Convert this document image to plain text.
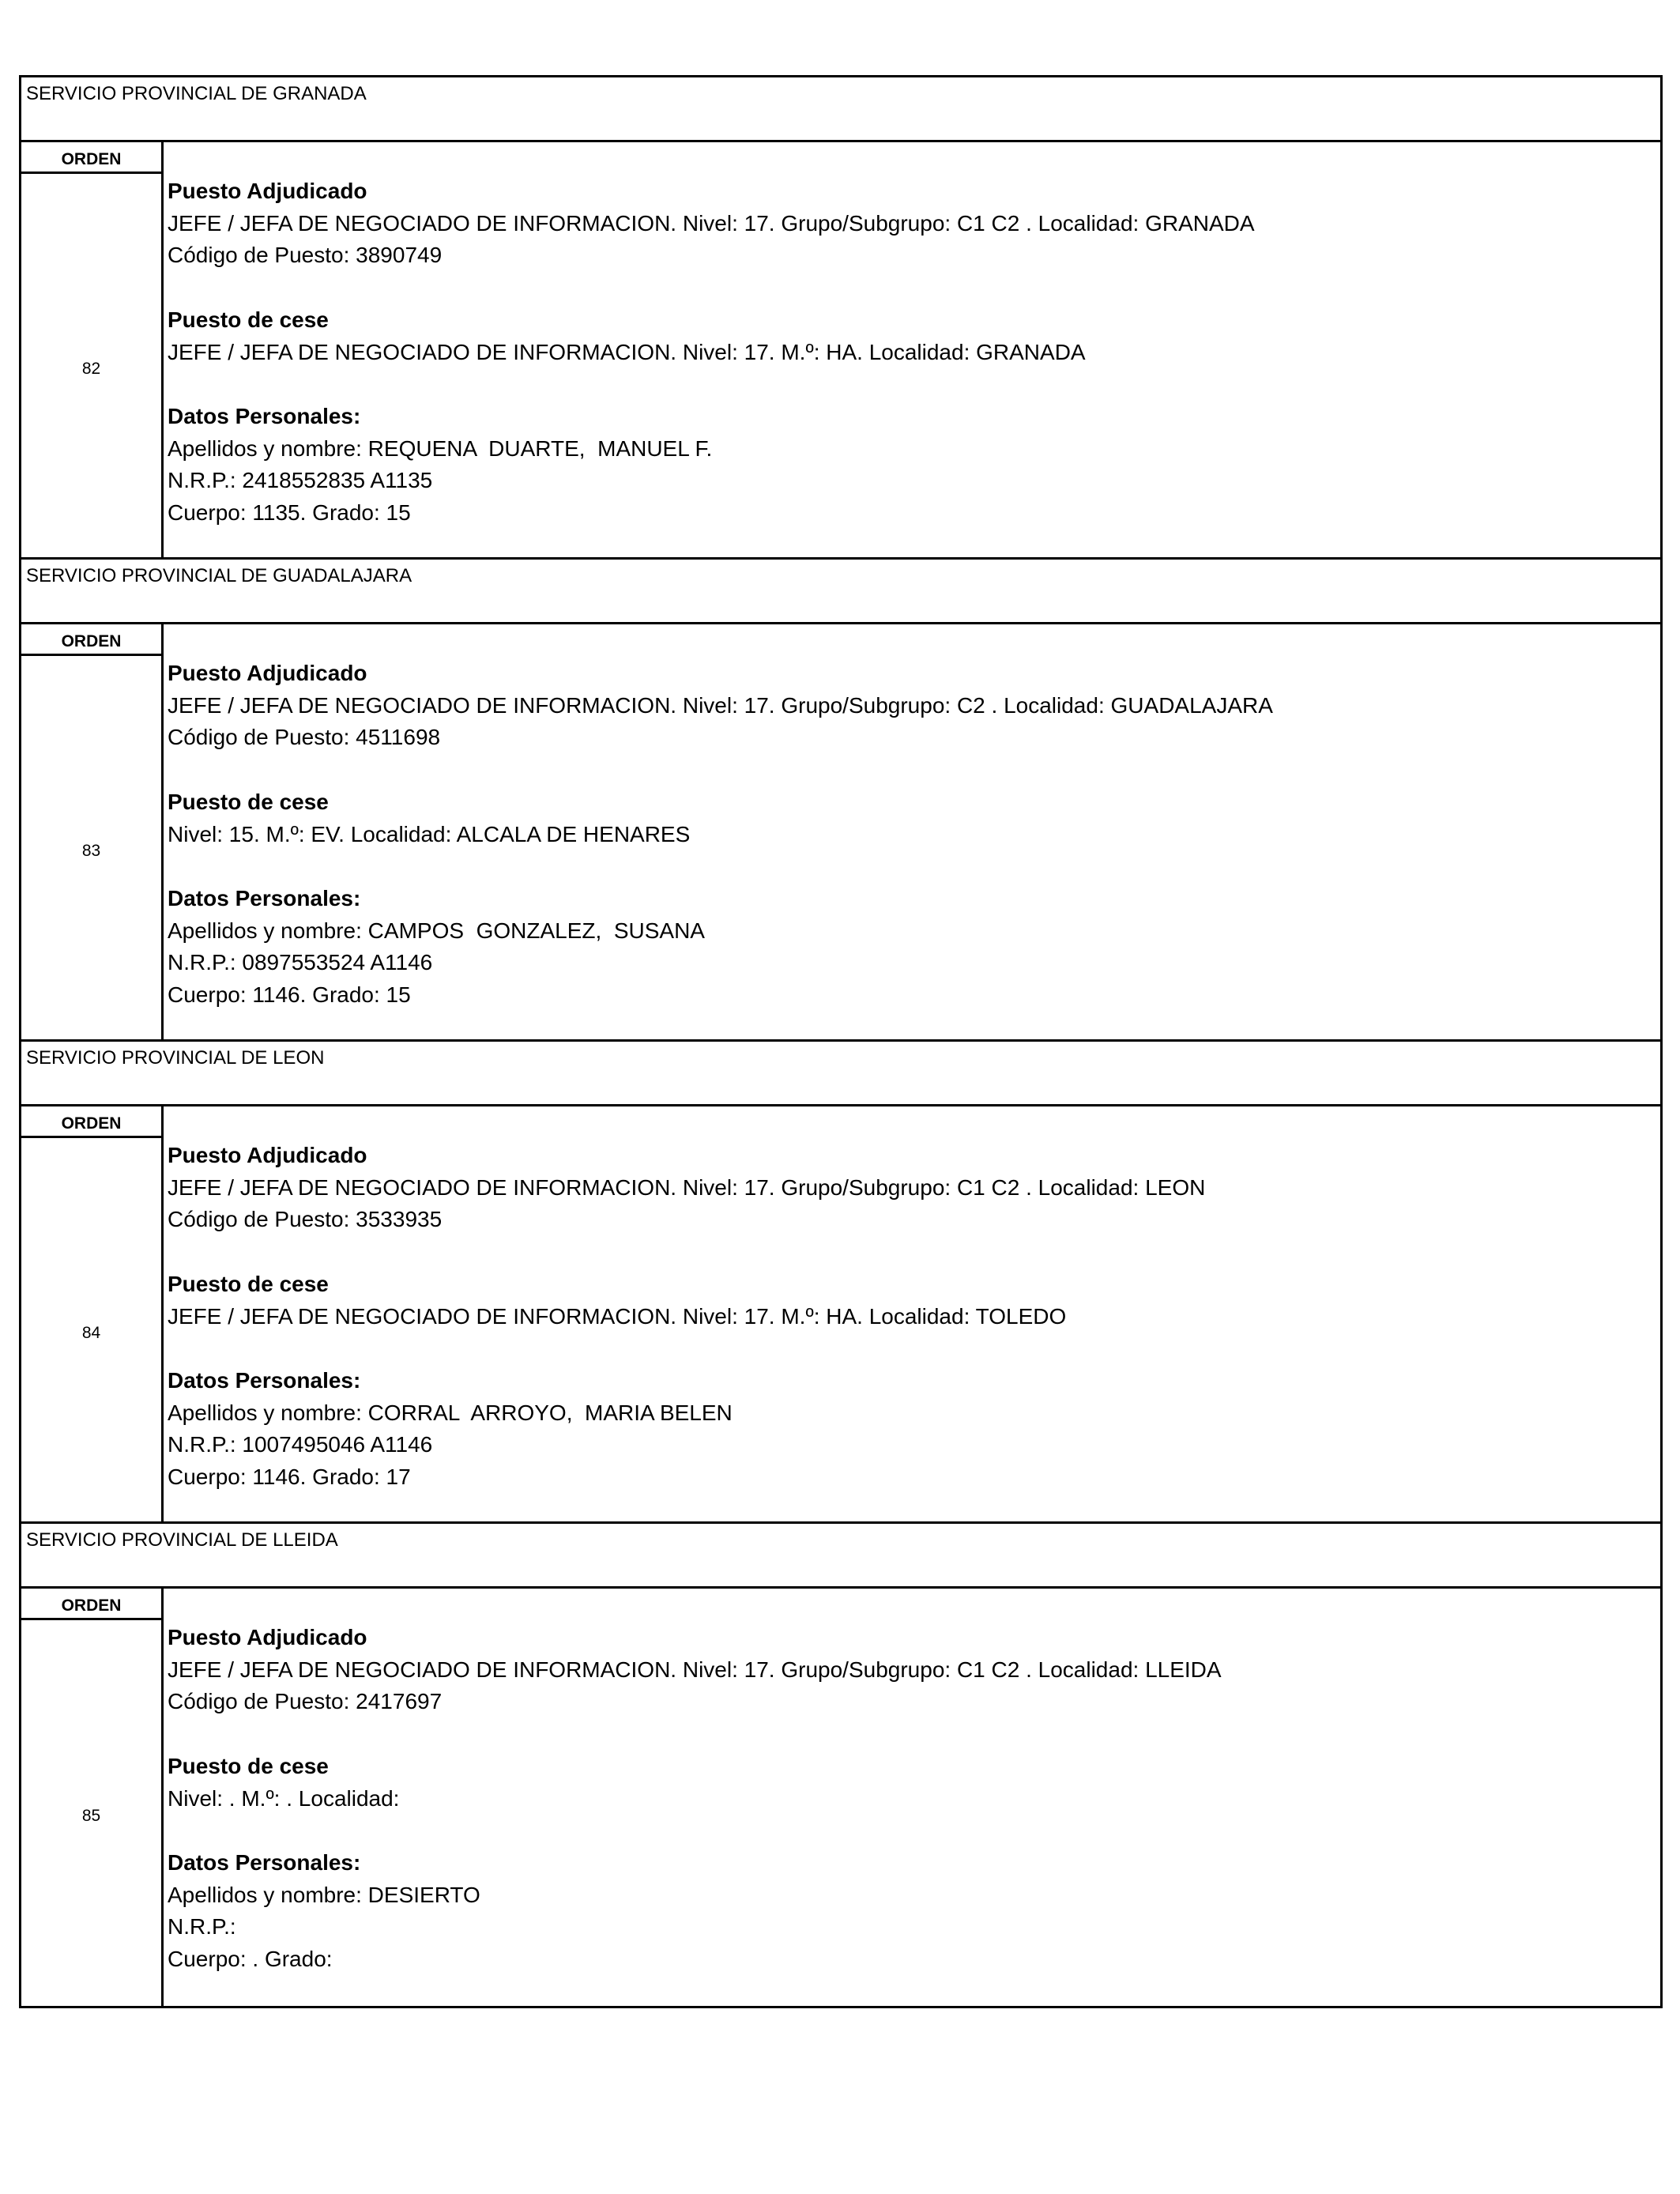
SERVICIO PROVINCIAL DE GRANADA
ORDEN
82
Puesto Adjudicado
JEFE / JEFA DE NEGOCIADO DE INFORMACION. Nivel: 17. Grupo/Subgrupo: C1 C2 . Localidad: GRANADA
Código de Puesto: 3890749
Puesto de cese
JEFE / JEFA DE NEGOCIADO DE INFORMACION. Nivel: 17. M.º: HA. Localidad: GRANADA
Datos Personales:
Apellidos y nombre: REQUENA  DUARTE,  MANUEL F.
N.R.P.: 2418552835 A1135
Cuerpo: 1135. Grado: 15
SERVICIO PROVINCIAL DE GUADALAJARA
ORDEN
83
Puesto Adjudicado
JEFE / JEFA DE NEGOCIADO DE INFORMACION. Nivel: 17. Grupo/Subgrupo: C2 . Localidad: GUADALAJARA
Código de Puesto: 4511698
Puesto de cese
Nivel: 15. M.º: EV. Localidad: ALCALA DE HENARES
Datos Personales:
Apellidos y nombre: CAMPOS  GONZALEZ,  SUSANA
N.R.P.: 0897553524 A1146
Cuerpo: 1146. Grado: 15
SERVICIO PROVINCIAL DE LEON
ORDEN
84
Puesto Adjudicado
JEFE / JEFA DE NEGOCIADO DE INFORMACION. Nivel: 17. Grupo/Subgrupo: C1 C2 . Localidad: LEON
Código de Puesto: 3533935
Puesto de cese
JEFE / JEFA DE NEGOCIADO DE INFORMACION. Nivel: 17. M.º: HA. Localidad: TOLEDO
Datos Personales:
Apellidos y nombre: CORRAL  ARROYO,  MARIA BELEN
N.R.P.: 1007495046 A1146
Cuerpo: 1146. Grado: 17
SERVICIO PROVINCIAL DE LLEIDA
ORDEN
85
Puesto Adjudicado
JEFE / JEFA DE NEGOCIADO DE INFORMACION. Nivel: 17. Grupo/Subgrupo: C1 C2 . Localidad: LLEIDA
Código de Puesto: 2417697
Puesto de cese
Nivel: . M.º: . Localidad:
Datos Personales:
Apellidos y nombre: DESIERTO
N.R.P.:
Cuerpo: . Grado:
